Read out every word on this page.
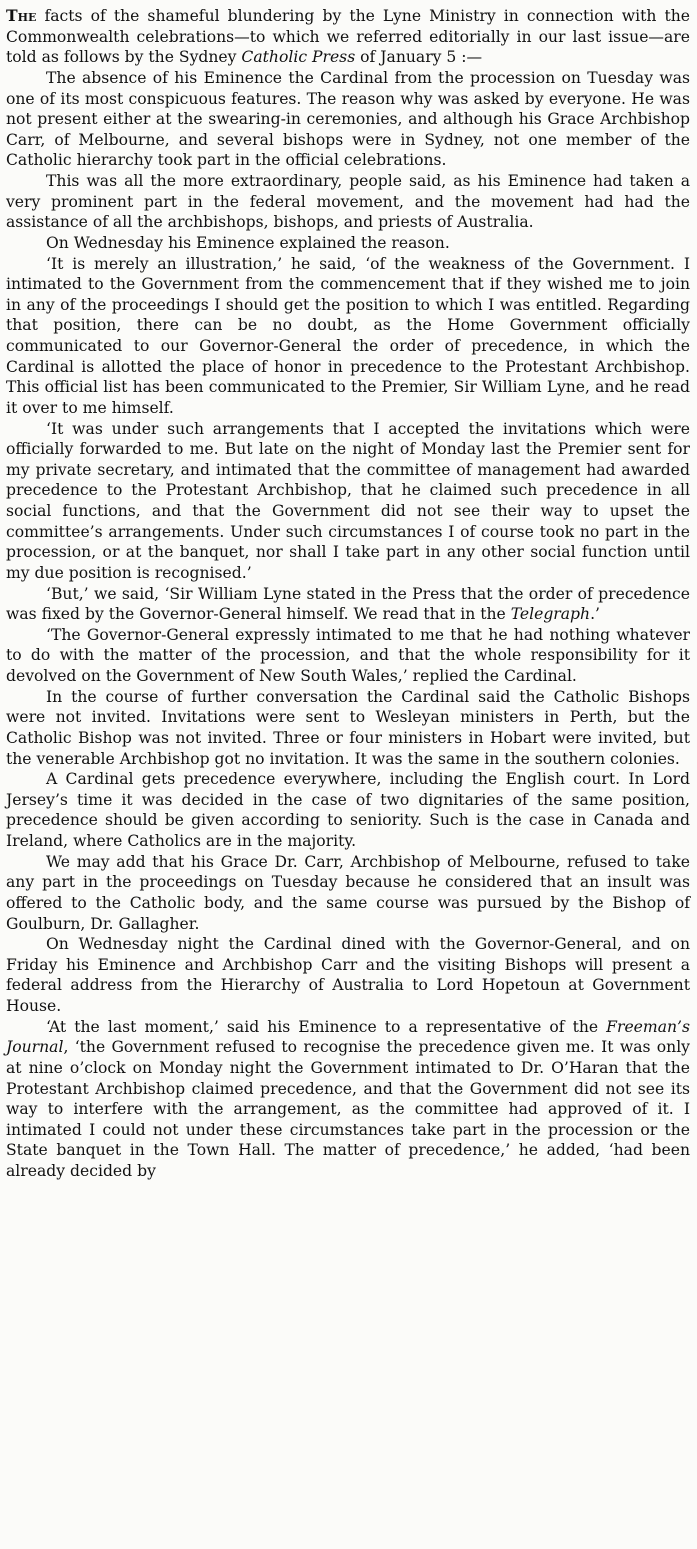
The facts of the shameful blundering by the Lyne Ministry in connection with the Commonwealth celebrations—to which we referred editorially in our last issue—are told as follows by the Sydney Catholic Press of January 5 :—

The absence of his Eminence the Cardinal from the procession on Tuesday was one of its most conspicuous features. The reason why was asked by everyone. He was not present either at the swearing-in ceremonies, and although his Grace Archbishop Carr, of Melbourne, and several bishops were in Sydney, not one member of the Catholic hierarchy took part in the official celebrations.

This was all the more extraordinary, people said, as his Eminence had taken a very prominent part in the federal movement, and the movement had had the assistance of all the archbishops, bishops, and priests of Australia.

On Wednesday his Eminence explained the reason.

‘It is merely an illustration,’ he said, ‘of the weakness of the Government. I intimated to the Government from the commencement that if they wished me to join in any of the proceedings I should get the position to which I was entitled. Regarding that position, there can be no doubt, as the Home Government officially communicated to our Governor-General the order of precedence, in which the Cardinal is allotted the place of honor in precedence to the Protestant Archbishop. This official list has been communicated to the Premier, Sir William Lyne, and he read it over to me himself.

‘It was under such arrangements that I accepted the invitations which were officially forwarded to me. But late on the night of Monday last the Premier sent for my private secretary, and intimated that the committee of management had awarded precedence to the Protestant Archbishop, that he claimed such precedence in all social functions, and that the Government did not see their way to upset the committee’s arrangements. Under such circumstances I of course took no part in the procession, or at the banquet, nor shall I take part in any other social function until my due position is recognised.’

‘But,’ we said, ‘Sir William Lyne stated in the Press that the order of precedence was fixed by the Governor-General himself. We read that in the Telegraph.’

‘The Governor-General expressly intimated to me that he had nothing whatever to do with the matter of the procession, and that the whole responsibility for it devolved on the Government of New South Wales,’ replied the Cardinal.

In the course of further conversation the Cardinal said the Catholic Bishops were not invited. Invitations were sent to Wesleyan ministers in Perth, but the Catholic Bishop was not invited. Three or four ministers in Hobart were invited, but the venerable Archbishop got no invitation. It was the same in the southern colonies.

A Cardinal gets precedence everywhere, including the English court. In Lord Jersey’s time it was decided in the case of two dignitaries of the same position, precedence should be given according to seniority. Such is the case in Canada and Ireland, where Catholics are in the majority.

We may add that his Grace Dr. Carr, Archbishop of Melbourne, refused to take any part in the proceedings on Tuesday because he considered that an insult was offered to the Catholic body, and the same course was pursued by the Bishop of Goulburn, Dr. Gallagher.

On Wednesday night the Cardinal dined with the Governor-General, and on Friday his Eminence and Archbishop Carr and the visiting Bishops will present a federal address from the Hierarchy of Australia to Lord Hopetoun at Government House.

‘At the last moment,’ said his Eminence to a representative of the Freeman’s Journal, ‘the Government refused to recognise the precedence given me. It was only at nine o’clock on Monday night the Government intimated to Dr. O’Haran that the Protestant Archbishop claimed precedence, and that the Government did not see its way to interfere with the arrangement, as the committee had approved of it. I intimated I could not under these circumstances take part in the procession or the State banquet in the Town Hall. The matter of precedence,’ he added, ‘had been already decided by
